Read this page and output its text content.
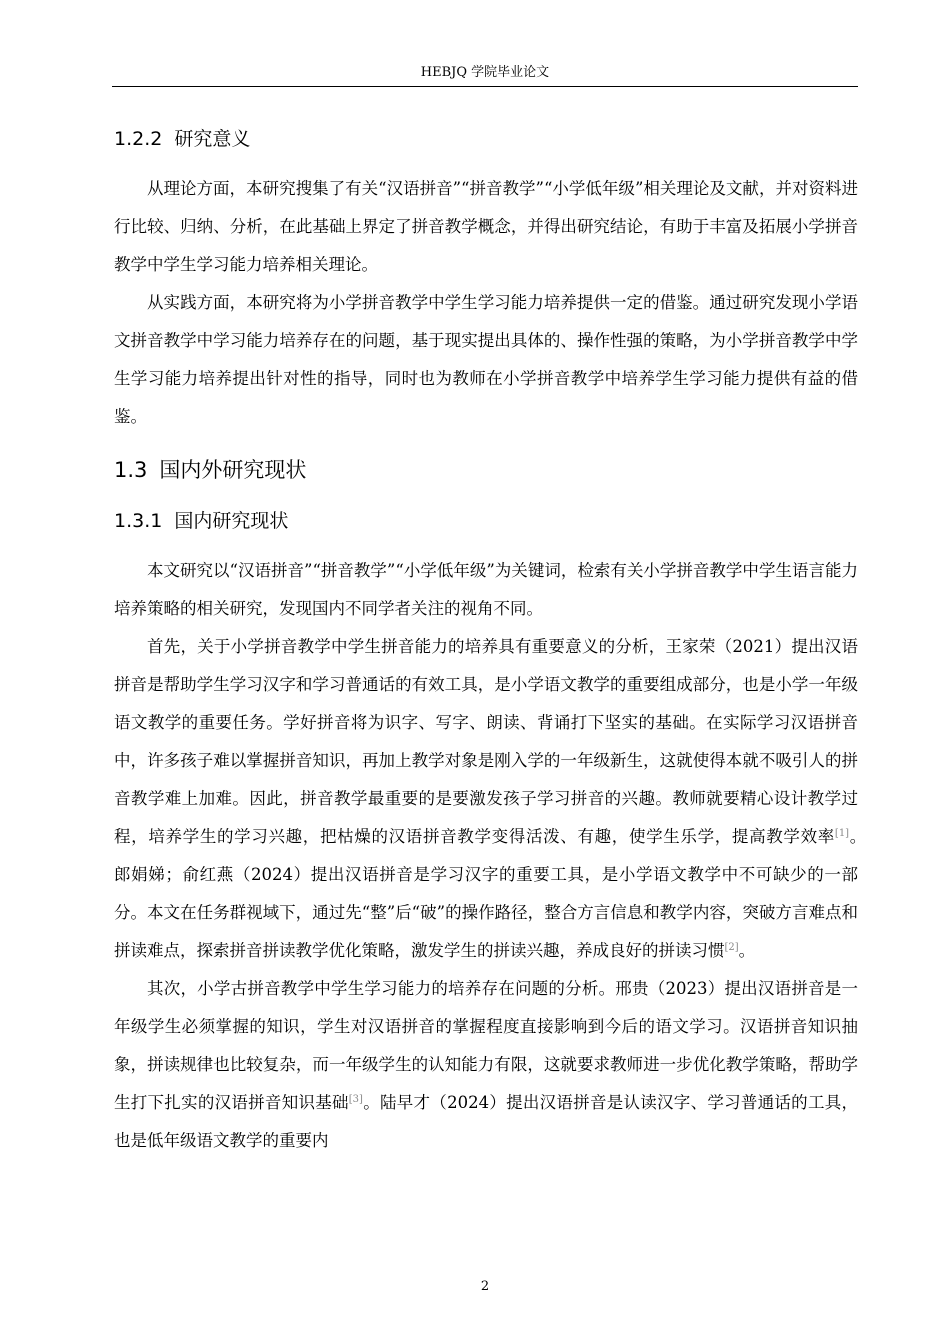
HEBJQ 学院毕业论文
1.2.2 研究意义

从理论方面，本研究搜集了有关“汉语拼音”“拼音教学”“小学低年级”相关理论及文献，并对资料进行比较、归纳、分析，在此基础上界定了拼音教学概念，并得出研究结论，有助于丰富及拓展小学拼音教学中学生学习能力培养相关理论。

从实践方面，本研究将为小学拼音教学中学生学习能力培养提供一定的借鉴。通过研究发现小学语文拼音教学中学习能力培养存在的问题，基于现实提出具体的、操作性强的策略，为小学拼音教学中学生学习能力培养提出针对性的指导，同时也为教师在小学拼音教学中培养学生学习能力提供有益的借鉴。

1.3 国内外研究现状
1.3.1 国内研究现状

本文研究以“汉语拼音”“拼音教学”“小学低年级”为关键词，检索有关小学拼音教学中学生语言能力培养策略的相关研究，发现国内不同学者关注的视角不同。

首先，关于小学拼音教学中学生拼音能力的培养具有重要意义的分析，王家荣（2021）提出汉语拼音是帮助学生学习汉字和学习普通话的有效工具，是小学语文教学的重要组成部分，也是小学一年级语文教学的重要任务。学好拼音将为识字、写字、朗读、背诵打下坚实的基础。在实际学习汉语拼音中，许多孩子难以掌握拼音知识，再加上教学对象是刚入学的一年级新生，这就使得本就不吸引人的拼音教学难上加难。因此，拼音教学最重要的是要激发孩子学习拼音的兴趣。教师就要精心设计教学过程，培养学生的学习兴趣，把枯燥的汉语拼音教学变得活泼、有趣，使学生乐学，提高教学效率[1]。　郎娟娣；俞红燕（2024）提出汉语拼音是学习汉字的重要工具，是小学语文教学中不可缺少的一部分。本文在任务群视域下，通过先“整”后“破”的操作路径，整合方言信息和教学内容，突破方言难点和拼读难点，探索拼音拼读教学优化策略，激发学生的拼读兴趣，养成良好的拼读习惯[2]。

其次，小学古拼音教学中学生学习能力的培养存在问题的分析。邢贵（2023）提出汉语拼音是一年级学生必须掌握的知识，学生对汉语拼音的掌握程度直接影响到今后的语文学习。汉语拼音知识抽象，拼读规律也比较复杂，而一年级学生的认知能力有限，这就要求教师进一步优化教学策略，帮助学生打下扎实的汉语拼音知识基础[3]。陆早才（2024）提出汉语拼音是认读汉字、学习普通话的工具，也是低年级语文教学的重要内

2
